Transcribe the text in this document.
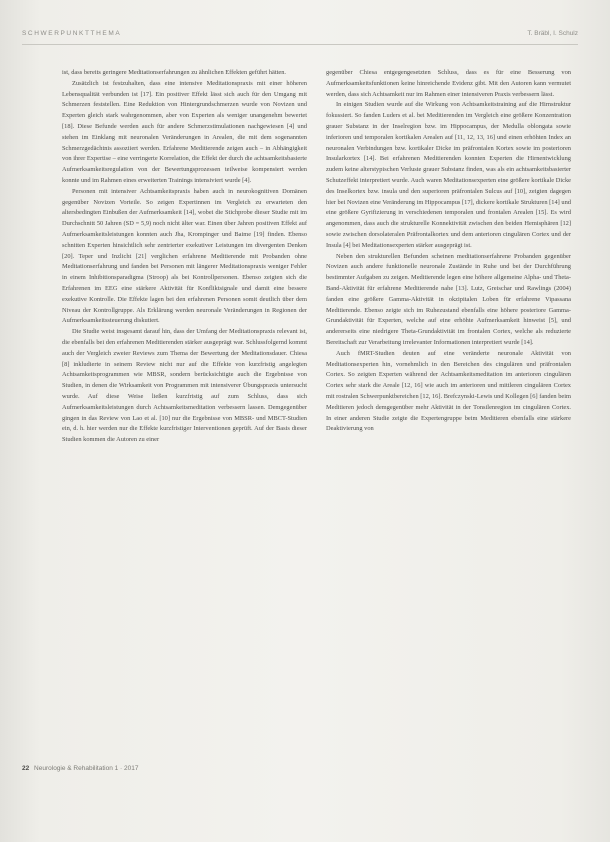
SCHWERPUNKTTHEMA	T. Bräbl, I. Schulz

ist, dass bereits geringere Meditationserfahrungen zu ähnlichen Effekten geführt hätten.

Zusätzlich ist festzuhalten, dass eine intensive Meditationspraxis mit einer höheren Lebensqualität verbunden ist [17]. Ein positiver Effekt lässt sich auch für den Umgang mit Schmerzen feststellen. Eine Reduktion von Hintergrundschmerzen wurde von Novizen und Experten gleich stark wahrgenommen, aber von Experten als weniger unangenehm bewertet [18]. Diese Befunde werden auch für andere Schmerzstimulationen nachgewiesen [4] und stehen im Einklang mit neuronalen Veränderungen in Arealen, die mit dem sogenannten Schmerzgedächtnis assoziiert werden. Erfahrene Meditierende zeigen auch – in Abhängigkeit von ihrer Expertise – eine verringerte Korrelation, die Effekt der durch die achtsamkeitsbasierte Aufmerksamkeitsregulation von der Bewertungsprozessen teilweise kompensiert werden konnte und im Rahmen eines erweiterten Trainings intensiviert wurde [4].

Personen mit intensiver Achtsamkeitspraxis haben auch in neurokognitiven Domänen gegenüber Novizen Vorteile. So zeigen Expertinnen im Vergleich zu erwarteten den altersbedingten Einbußen der Aufmerksamkeit [14], wobei die Stichprobe dieser Studie mit im Durchschnitt 50 Jahren (SD = 5,9) noch nicht älter war. Einen über Jahren positiven Effekt auf Aufmerksamkeitsleistungen konnten auch Jha, Krompinger und Baime [19] finden. Ebenso schnitten Experten hinsichtlich sehr zentrierter exekutiver Leistungen im divergenten Denken [20]. Teper und Inzlicht [21] verglichen erfahrene Meditierende mit Probanden ohne Meditationserfahrung und fanden bei Personen mit längerer Meditationspraxis weniger Fehler in einem Inhibitionsparadigma (Stroop) als bei Kontrollpersonen. Ebenso zeigten sich die Erfahrenen im EEG eine stärkere Aktivität für Konfliktsignale und damit eine bessere exekutive Kontrolle. Die Effekte lagen bei den erfahrenen Personen somit deutlich über dem Niveau der Kontrollgruppe. Als Erklärung werden neuronale Veränderungen in Regionen der Aufmerksamkeitssteuerung diskutiert.

Die Studie weist insgesamt darauf hin, dass der Umfang der Meditationspraxis relevant ist, die ebenfalls bei den erfahrenen Meditierenden stärker ausgeprägt war. Schlussfolgernd kommt auch der Vergleich zweier Reviews zum Thema der Bewertung der Meditationsdauer. Chiesa [8] inkludierte in seinem Review nicht nur auf die Effekte von kurzfristig angelegten Achtsamkeitsprogrammen wie MBSR, sondern berücksichtigte auch die Ergebnisse von Studien, in denen die Wirksamkeit von Programmen mit intensiverer Übungspraxis untersucht wurde. Auf diese Weise ließen kurzfristig auf zum Schluss, dass sich Aufmerksamkeitsleistungen durch Achtsamkeitsmeditation verbessern lassen. Demgegenüber gingen in das Review von Lao et al. [10] nur die Ergebnisse von MBSR- und MBCT-Studien ein, d. h. hier werden nur die Effekte kurzfristiger Interventionen geprüft. Auf der Basis dieser Studien kommen die Autoren zu einer

gegenüber Chiesa entgegengesetzten Schluss, dass es für eine Besserung von Aufmerksamkeitsfunktionen keine hinreichende Evidenz gibt. Mit den Autoren kann vermutet werden, dass sich Achtsamkeit nur im Rahmen einer intensiveren Praxis verbessern lässt.

In einigen Studien wurde auf die Wirkung von Achtsamkeitstraining auf die Hirnstruktur fokussiert. So fanden Luders et al. bei Meditierenden im Vergleich eine größere Konzentration grauer Substanz in der Inselregion bzw. im Hippocampus, der Medulla oblongata sowie inferioren und temporalen kortikalen Arealen auf [11, 12, 13, 16] und einen erhöhten Index an neuronalen Verbindungen bzw. kortikaler Dicke im präfrontalen Kortex sowie im posterioren Insularkortex [14]. Bei erfahrenen Meditierenden konnten Experten die Hirnentwicklung zudem keine alterstypischen Verluste grauer Substanz finden, was als ein achtsamkeitsbasierter Schutzeffekt interpretiert wurde. Auch waren Meditationsexperten eine größere kortikale Dicke des Inselkortex bzw. insula und den superioren präfrontalen Sulcus auf [10], zeigten dagegen hier bei Novizen eine Veränderung im Hippocampus [17], dickere kortikale Strukturen [14] und eine größere Gyrifizierung in verschiedenen temporalen und frontalen Arealen [15]. Es wird angenommen, dass auch die strukturelle Konnektivität zwischen den beiden Hemisphären [12] sowie zwischen dorsolateralen Präfrontalkortex und dem anterioren cingulären Cortex und der Insula [4] bei Meditationsexperten stärker ausgeprägt ist.

Neben den strukturellen Befunden scheinen meditationserfahrene Probanden gegenüber Novizen auch andere funktionelle neuronale Zustände in Ruhe und bei der Durchführung bestimmter Aufgaben zu zeigen. Meditierende legen eine höhere allgemeine Alpha- und Theta-Band-Aktivität für erfahrene Meditierende nahe [13]. Lutz, Greischar und Rawlings (2004) fanden eine größere Gamma-Aktivität in okzipitalen Loben für erfahrene Vipassana Meditierende. Ebenso zeigte sich im Ruhezustand ebenfalls eine höhere posteriore Gamma-Grundaktivität für Experten, welche auf eine erhöhte Aufmerksamkeit hinweist [5], und andererseits eine niedrigere Theta-Grundaktivität im frontalen Cortex, welche als reduzierte Bereitschaft zur Verarbeitung irrelevanter Informationen interpretiert wurde [14].

Auch fMRT-Studien deuten auf eine veränderte neuronale Aktivität von Meditationsexperten hin, vornehmlich in den Bereichen des cingulären und präfrontalen Cortex. So zeigten Experten während der Achtsamkeitsmeditation im anterioren cingulären Cortex sehr stark die Areale [12, 16] wie auch im anterioren und mittleren cingulären Cortex mit rostralen Schwerpunktbereichen [12, 16]. Brefczynski-Lewis und Kollegen [6] fanden beim Meditieren jedoch demgegenüber mehr Aktivität in der Tonsilenregion im cingulären Cortex. In einer anderen Studie zeigte die Expertengruppe beim Meditieren ebenfalls eine stärkere Deaktivierung von

22 Neurologie & Rehabilitation 1 · 2017
